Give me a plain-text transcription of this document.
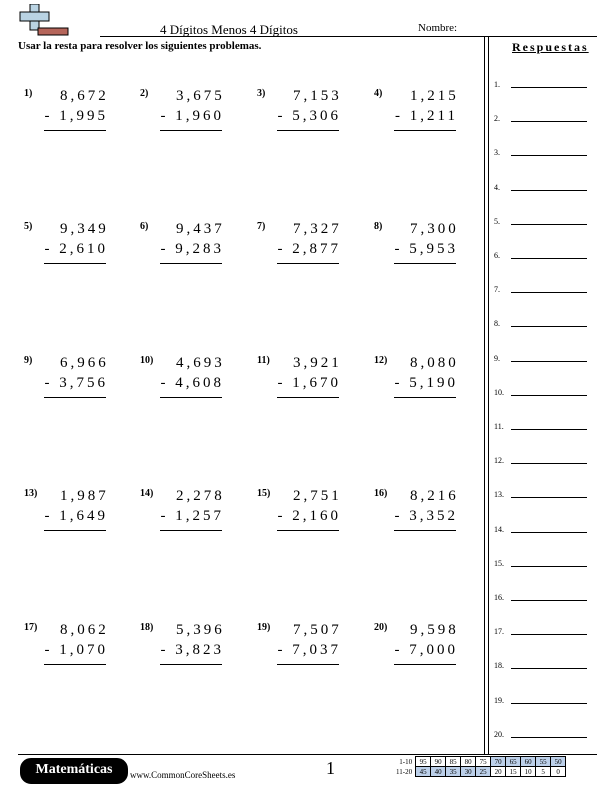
4 Dígitos Menos 4 Dígitos	Nombre:
Usar la resta para resolver los siguientes problemas.	Respuestas
1) 8,672
- 1,995
2) 3,675
- 1,960
3) 7,153
- 5,306
4) 1,215
- 1,211
5) 9,349
- 2,610
6) 9,437
- 9,283
7) 7,327
- 2,877
8) 7,300
- 5,953
9) 6,966
- 3,756
10) 4,693
- 4,608
11) 3,921
- 1,670
12) 8,080
- 5,190
13) 1,987
- 1,649
14) 2,278
- 1,257
15) 2,751
- 2,160
16) 8,216
- 3,352
17) 8,062
- 1,070
18) 5,396
- 3,823
19) 7,507
- 7,037
20) 9,598
- 7,000
1.
2.
3.
4.
5.
6.
7.
8.
9.
10.
11.
12.
13.
14.
15.
16.
17.
18.
19.
20.
Matemáticas	www.CommonCoreSheets.es	1	1-10	95	90	85	80	75	70	65	60	55	50
11-20	45	40	35	30	25	20	15	10	5	0
